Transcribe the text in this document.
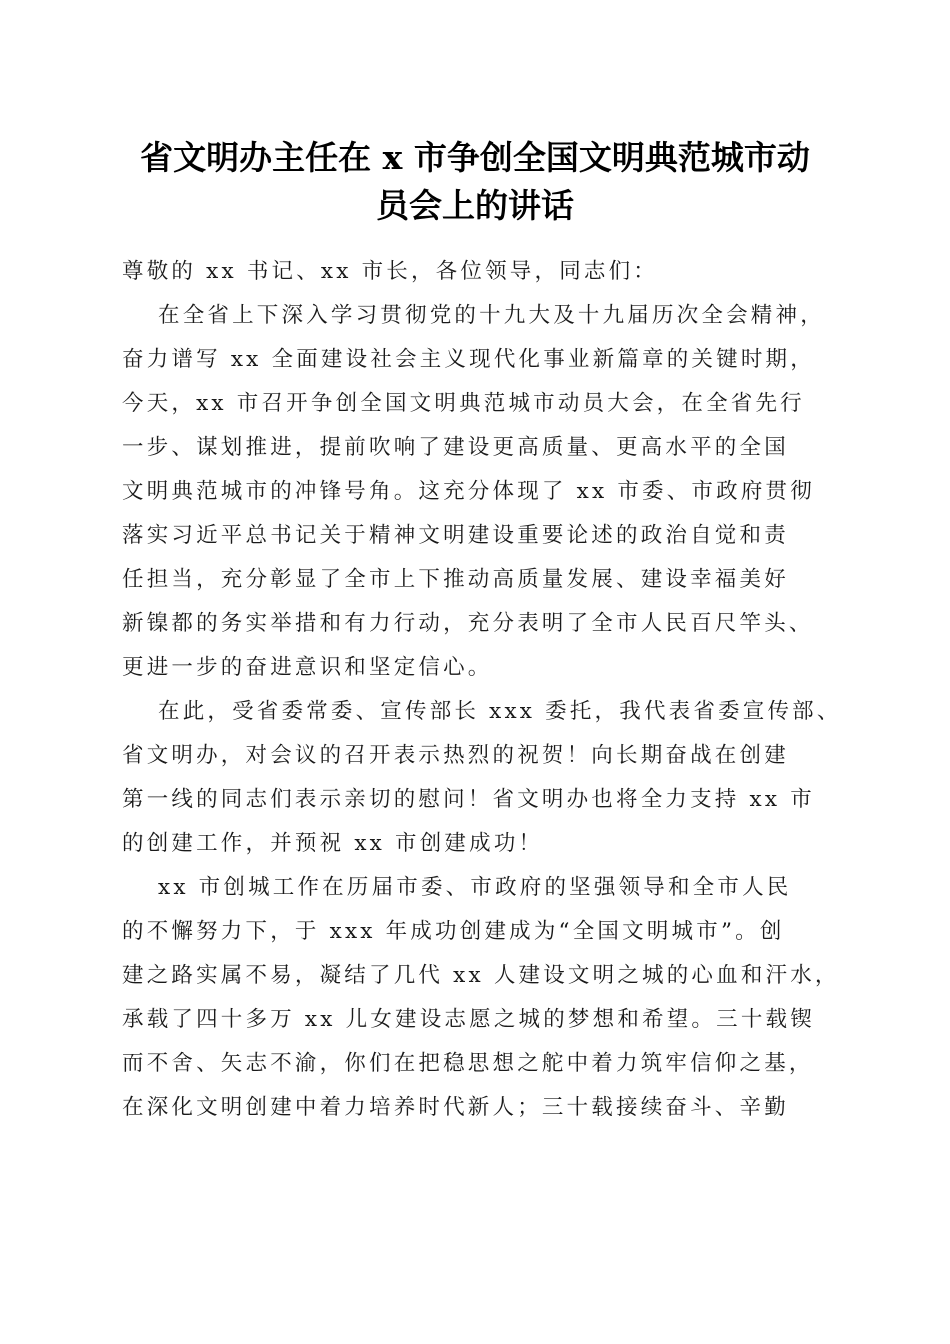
省文明办主任在 x 市争创全国文明典范城市动
员会上的讲话
尊敬的 xx 书记、xx 市长，各位领导，同志们：
在全省上下深入学习贯彻党的十九大及十九届历次全会精神，
奋力谱写 xx 全面建设社会主义现代化事业新篇章的关键时期，
今天，xx 市召开争创全国文明典范城市动员大会，在全省先行
一步、谋划推进，提前吹响了建设更高质量、更高水平的全国
文明典范城市的冲锋号角。这充分体现了 xx 市委、市政府贯彻
落实习近平总书记关于精神文明建设重要论述的政治自觉和责
任担当，充分彰显了全市上下推动高质量发展、建设幸福美好
新镍都的务实举措和有力行动，充分表明了全市人民百尺竿头、
更进一步的奋进意识和坚定信心。
在此，受省委常委、宣传部长 xxx 委托，我代表省委宣传部、
省文明办，对会议的召开表示热烈的祝贺！向长期奋战在创建
第一线的同志们表示亲切的慰问！省文明办也将全力支持 xx 市
的创建工作，并预祝 xx 市创建成功！
xx 市创城工作在历届市委、市政府的坚强领导和全市人民
的不懈努力下，于 xxx 年成功创建成为“全国文明城市”。创
建之路实属不易，凝结了几代 xx 人建设文明之城的心血和汗水，
承载了四十多万 xx 儿女建设志愿之城的梦想和希望。三十载锲
而不舍、矢志不渝，你们在把稳思想之舵中着力筑牢信仰之基，
在深化文明创建中着力培养时代新人；三十载接续奋斗、辛勤
